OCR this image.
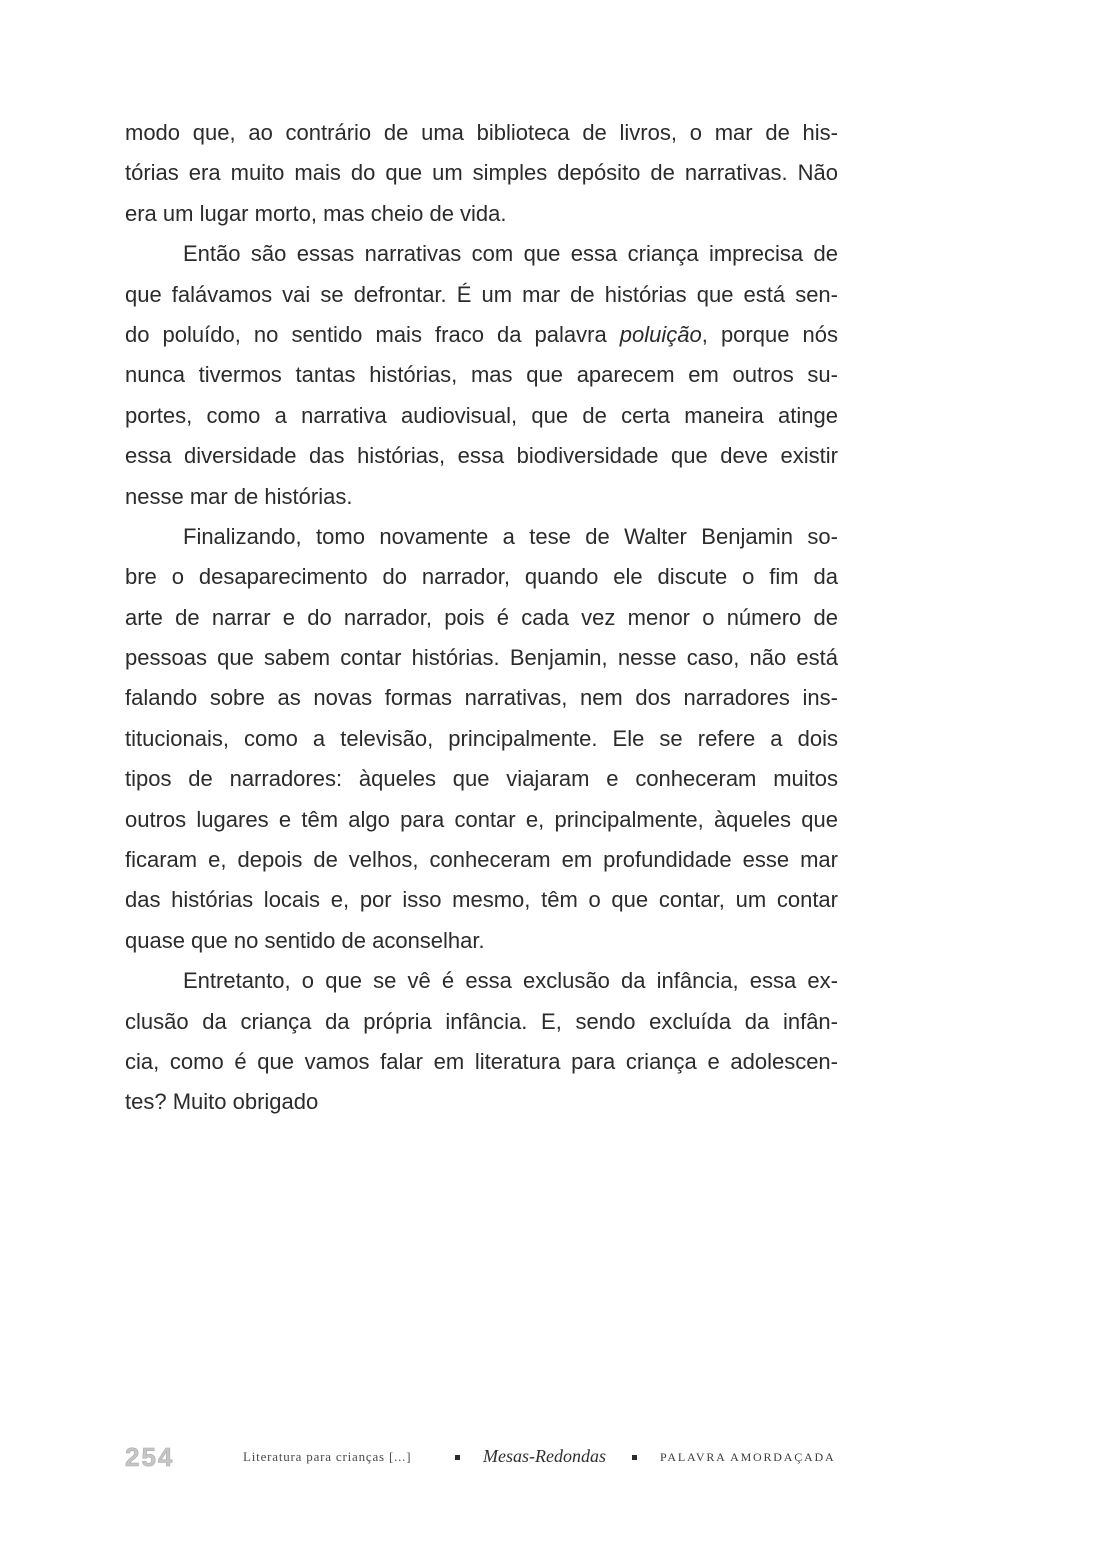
modo que, ao contrário de uma biblioteca de livros, o mar de his-
tórias era muito mais do que um simples depósito de narrativas. Não
era um lugar morto, mas cheio de vida.
Então são essas narrativas com que essa criança imprecisa de
que falávamos vai se defrontar. É um mar de histórias que está sen-
do poluído, no sentido mais fraco da palavra poluição, porque nós
nunca tivermos tantas histórias, mas que aparecem em outros su-
portes, como a narrativa audiovisual, que de certa maneira atinge
essa diversidade das histórias, essa biodiversidade que deve existir
nesse mar de histórias.
Finalizando, tomo novamente a tese de Walter Benjamin so-
bre o desaparecimento do narrador, quando ele discute o fim da
arte de narrar e do narrador, pois é cada vez menor o número de
pessoas que sabem contar histórias. Benjamin, nesse caso, não está
falando sobre as novas formas narrativas, nem dos narradores ins-
titucionais, como a televisão, principalmente. Ele se refere a dois
tipos de narradores: àqueles que viajaram e conheceram muitos
outros lugares e têm algo para contar e, principalmente, àqueles que
ficaram e, depois de velhos, conheceram em profundidade esse mar
das histórias locais e, por isso mesmo, têm o que contar, um contar
quase que no sentido de aconselhar.
Entretanto, o que se vê é essa exclusão da infância, essa ex-
clusão da criança da própria infância. E, sendo excluída da infân-
cia, como é que vamos falar em literatura para criança e adolescen-
tes? Muito obrigado
254	Literatura para crianças [...]	Mesas-Redondas	PALAVRA AMORDAÇADA
